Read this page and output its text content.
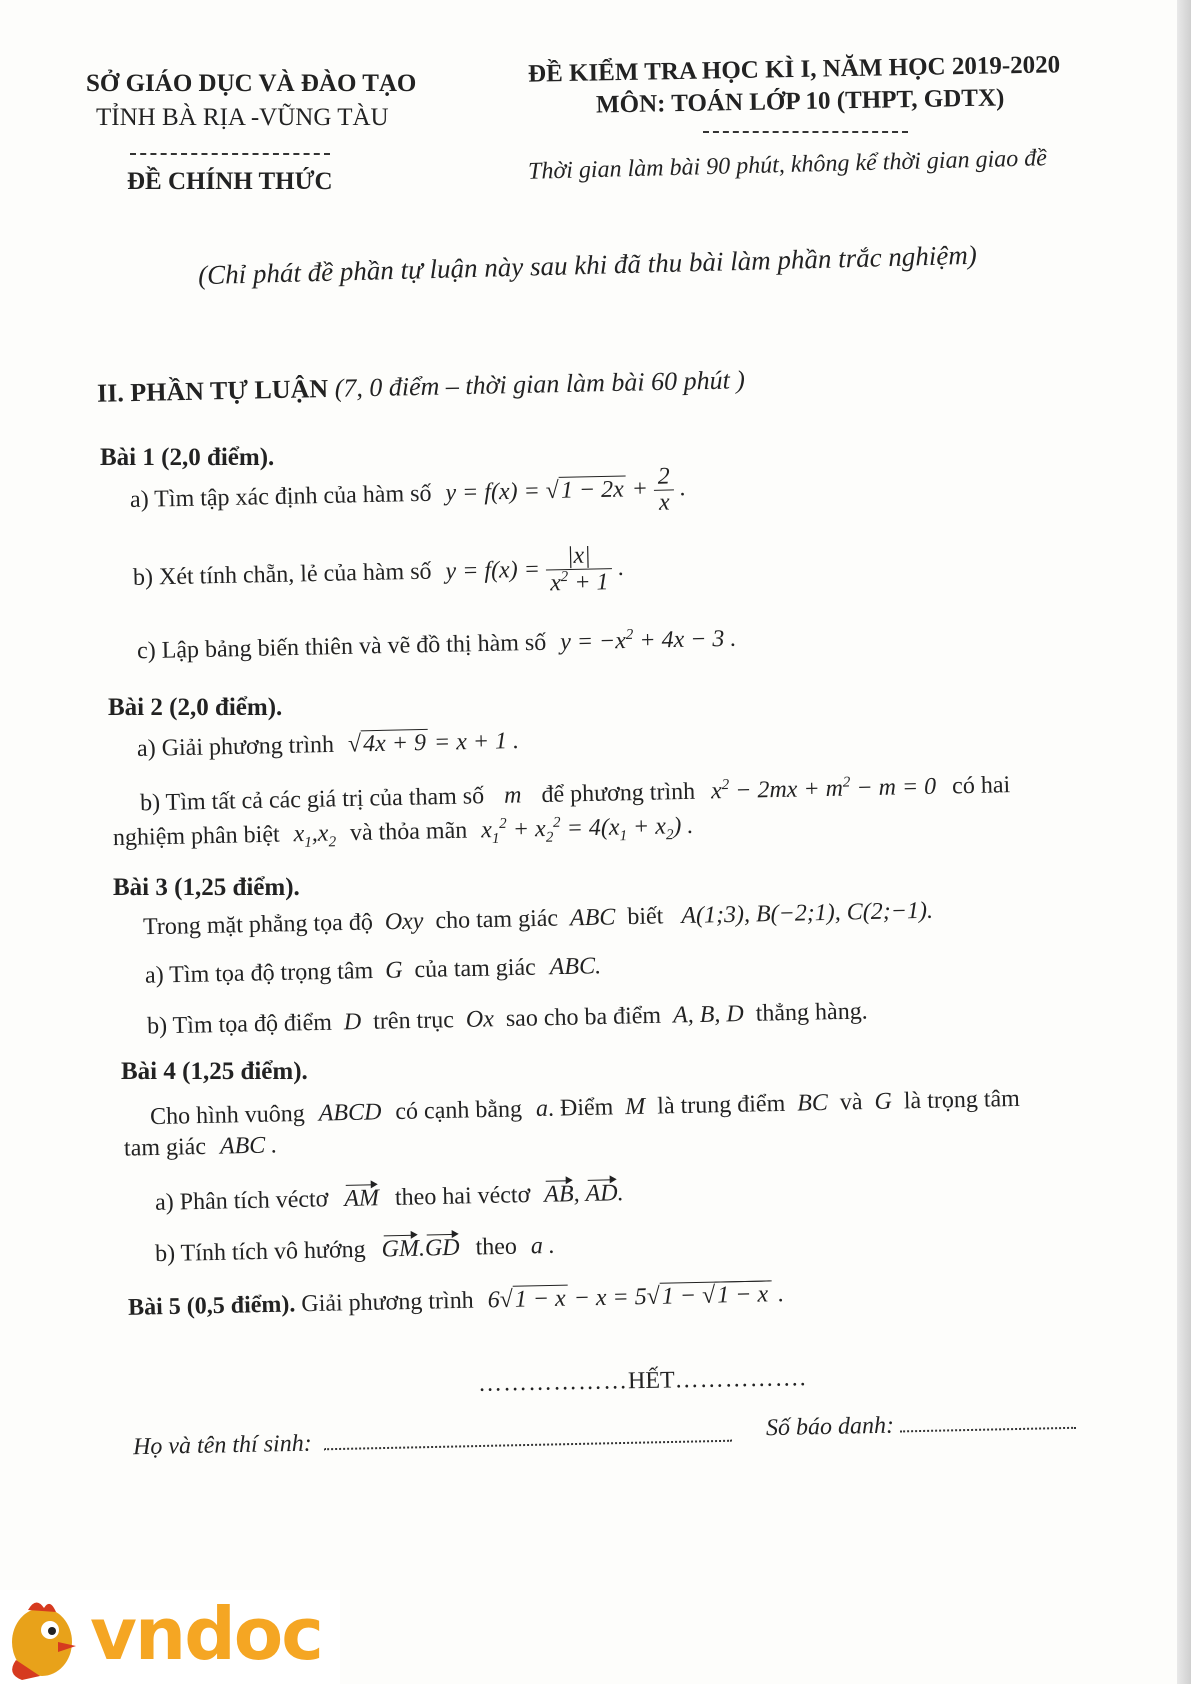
SỞ GIÁO DỤC VÀ ĐÀO TẠO
TỈNH BÀ RỊA -VŨNG TÀU
ĐỀ CHÍNH THỨC
ĐỀ KIỂM TRA HỌC KÌ I, NĂM HỌC 2019-2020
MÔN: TOÁN LỚP 10 (THPT, GDTX)
Thời gian làm bài 90 phút, không kể thời gian giao đề
(Chỉ phát đề phần tự luận này sau khi đã thu bài làm phần trắc nghiệm)
II. PHẦN TỰ LUẬN (7, 0 điểm – thời gian làm bài 60 phút )
Bài 1 (2,0 điểm).
a) Tìm tập xác định của hàm số $y = f(x) = √1 - 2x + \frac{2}{x}$ .
b) Xét tính chẵn, lẻ của hàm số $y = f(x) = \frac{|x|}{x^2 + 1}$ .
c) Lập bảng biến thiên và vẽ đồ thị hàm số $y = -x^2 + 4x - 3$ .
Bài 2 (2,0 điểm).
a) Giải phương trình √4x + 9 = x + 1 .
b) Tìm tất cả các giá trị của tham số m để phương trình $x^2 - 2mx + m^2 - m = 0$ có hai
nghiệm phân biệt $x_1,x_2$ và thỏa mãn $x_1^2 + x_2^2 = 4(x_1 + x_2)$ .
Bài 3 (1,25 điểm).
Trong mặt phẳng tọa độ Oxy cho tam giác ABC biết A(1;3), B(−2;1), C(2;−1).
a) Tìm tọa độ trọng tâm G của tam giác ABC.
b) Tìm tọa độ điểm D trên trục Ox sao cho ba điểm A, B, D thẳng hàng.
Bài 4 (1,25 điểm).
Cho hình vuông ABCD có cạnh bằng a. Điểm M là trung điểm BC và G là trọng tâm
tam giác ABC .
a) Phân tích véctơ AM theo hai véctơ AB, AD.
b) Tính tích vô hướng GM.GD theo a .
Bài 5 (0,5 điểm). Giải phương trình 6√1 − x − x = 5√1 − √1 − x .
………………HẾT…………….
Họ và tên thí sinh:
Số báo danh:
vndoc
